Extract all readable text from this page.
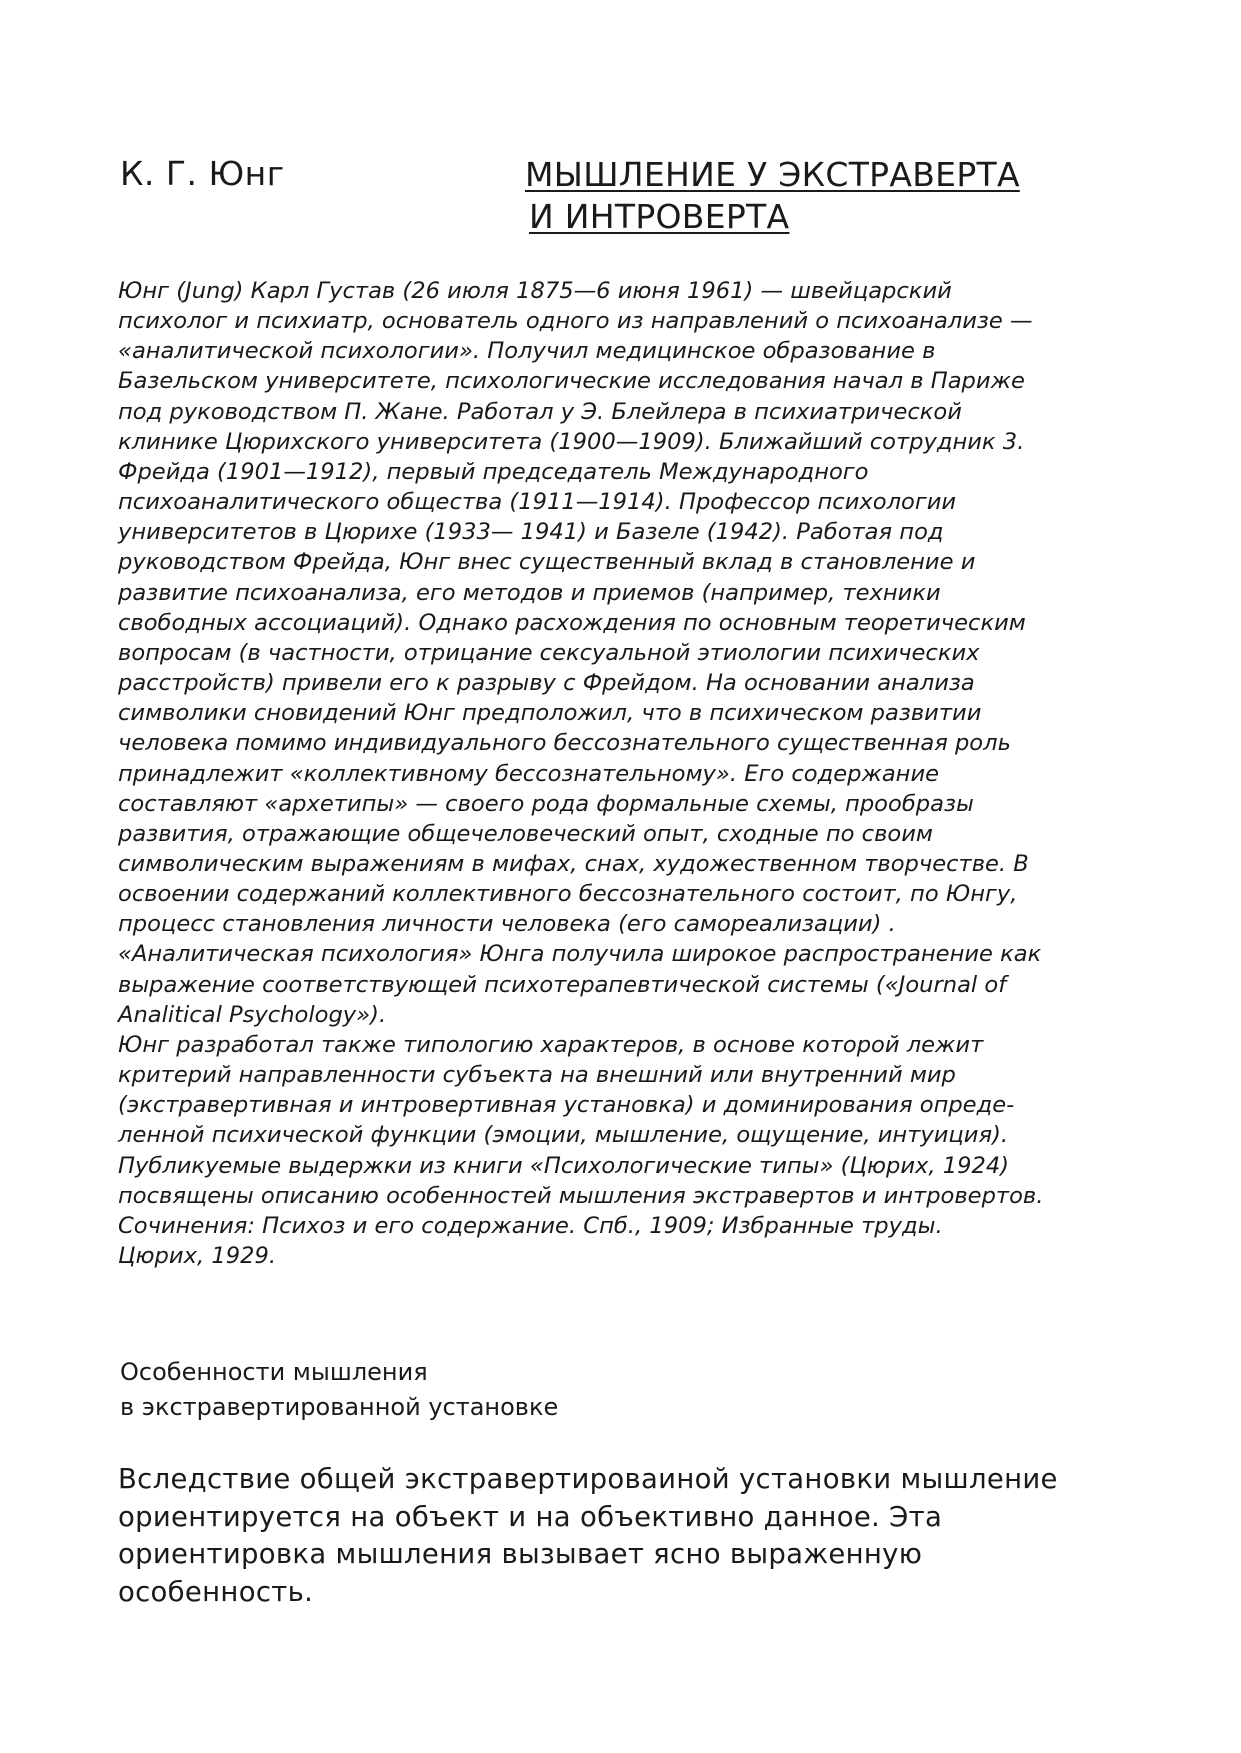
К. Г. Юнг	МЫШЛЕНИЕ У ЭКСТРАВЕРТА
И ИНТРОВЕРТА
Юнг (Jung) Карл Густав (26 июля 1875—6 июня 1961) — швейцарский
психолог и психиатр, основатель одного из направлений о психоанализе —
«аналитической психологии». Получил медицинское образование в
Базельском университете, психологические исследования начал в Париже
под руководством П. Жане. Работал у Э. Блейлера в психиатрической
клинике Цюрихского университета (1900—1909). Ближайший сотрудник 3.
Фрейда (1901—1912), первый председатель Международного
психоаналитического общества (1911—1914). Профессор психологии
университетов в Цюрихе (1933— 1941) и Базеле (1942). Работая под
руководством Фрейда, Юнг внес существенный вклад в становление и
развитие психоанализа, его методов и приемов (например, техники
свободных ассоциаций). Однако расхождения по основным теоретическим
вопросам (в частности, отрицание сексуальной этиологии психических
расстройств) привели его к разрыву с Фрейдом. На основании анализа
символики сновидений Юнг предположил, что в психическом развитии
человека помимо индивидуального бессознательного существенная роль
принадлежит «коллективному бессознательному». Его содержание
составляют «архетипы» — своего рода формальные схемы, прообразы
развития, отражающие общечеловеческий опыт, сходные по своим
символическим выражениям в мифах, снах, художественном творчестве. В
освоении содержаний коллективного бессознательного состоит, по Юнгу,
процесс становления личности человека (его самореализации) .
«Аналитическая психология» Юнга получила широкое распространение как
выражение соответствующей психотерапевтической системы («Journal of
Analitical Psychology»).
Юнг разработал также типологию характеров, в основе которой лежит
критерий направленности субъекта на внешний или внутренний мир
(экстравертивная и интровертивная установка) и доминирования опреде-
ленной психической функции (эмоции, мышление, ощущение, интуиция).
Публикуемые выдержки из книги «Психологические типы» (Цюрих, 1924)
посвящены описанию особенностей мышления экстравертов и интровертов.
Сочинения: Психоз и его содержание. Спб., 1909; Избранные труды.
Цюрих, 1929.
Особенности мышления
в экстравертированной установке
Вследствие общей экстравертироваиной установки мышление
ориентируется на объект и на объективно данное. Эта
ориентировка мышления вызывает ясно выраженную
особенность.
